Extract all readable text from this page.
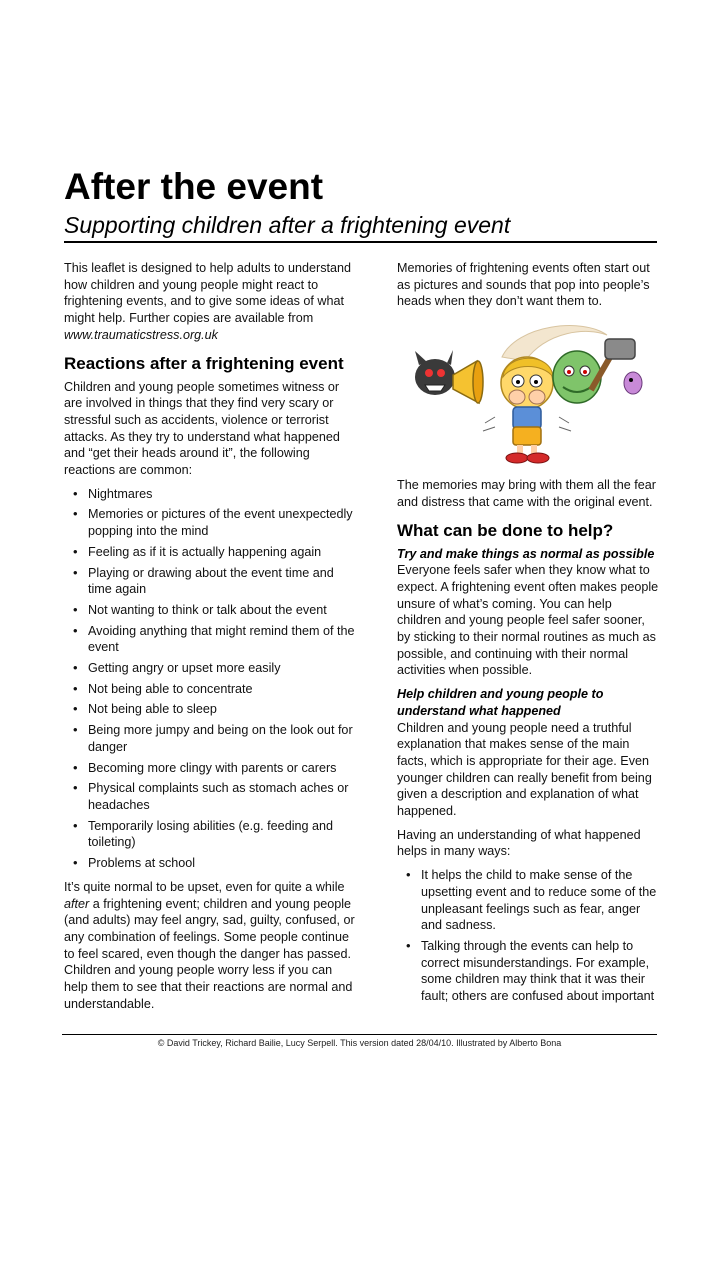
After the event
Supporting children after a frightening event

This leaflet is designed to help adults to understand how children and young people might react to frightening events, and to give some ideas of what might help. Further copies are available from www.traumaticstress.org.uk

Reactions after a frightening event

Children and young people sometimes witness or are involved in things that they find very scary or stressful such as accidents, violence or terrorist attacks. As they try to understand what happened and “get their heads around it”, the following reactions are common:

• Nightmares
• Memories or pictures of the event unexpectedly popping into the mind
• Feeling as if it is actually happening again
• Playing or drawing about the event time and time again
• Not wanting to think or talk about the event
• Avoiding anything that might remind them of the event
• Getting angry or upset more easily
• Not being able to concentrate
• Not being able to sleep
• Being more jumpy and being on the look out for danger
• Becoming more clingy with parents or carers
• Physical complaints such as stomach aches or headaches
• Temporarily losing abilities (e.g. feeding and toileting)
• Problems at school

It’s quite normal to be upset, even for quite a while after a frightening event; children and young people (and adults) may feel angry, sad, guilty, confused, or any combination of feelings. Some people continue to feel scared, even though the danger has passed. Children and young people worry less if you can help them to see that their reactions are normal and understandable.

Memories of frightening events often start out as pictures and sounds that pop into people’s heads when they don’t want them to.

The memories may bring with them all the fear and distress that came with the original event.

What can be done to help?
Try and make things as normal as possible

Everyone feels safer when they know what to expect. A frightening event often makes people unsure of what’s coming. You can help children and young people feel safer sooner, by sticking to their normal routines as much as possible, and continuing with their normal activities when possible.

Help children and young people to understand what happened

Children and young people need a truthful explanation that makes sense of the main facts, which is appropriate for their age. Even younger children can really benefit from being given a description and explanation of what happened.

Having an understanding of what happened helps in many ways:

• It helps the child to make sense of the upsetting event and to reduce some of the unpleasant feelings such as fear, anger and sadness.
• Talking through the events can help to correct misunderstandings. For example, some children may think that it was their fault; others are confused about important
© David Trickey, Richard Bailie, Lucy Serpell. This version dated 28/04/10. Illustrated by Alberto Bona
